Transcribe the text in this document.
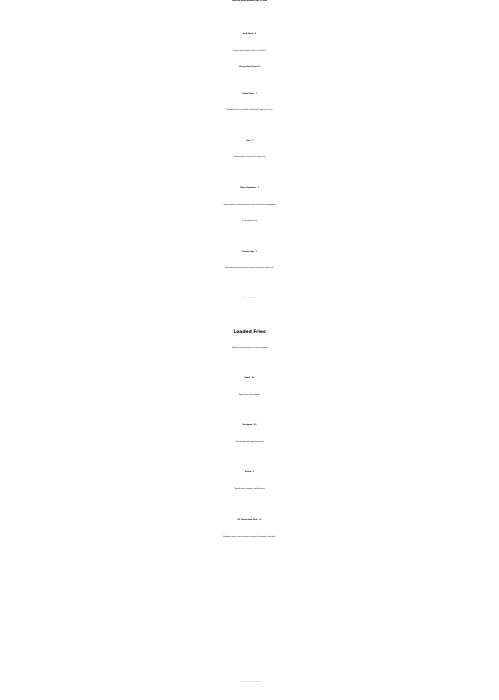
Sides and snacks available from 11.30am
Garlic Bread – 6
Crusty bread with garlic, butter, and herbs (v)
(Cheesy Garlic Bread +2)
Sicilian Olives – 7
Marinated olives served with crusty bread (vegan, gf on req.)
Fries – 7
Shoestring fries, lemon aioli (v, o/g on req)
Winter Vegetables – 7
Steamed greens, Italian dressing, sesame seeds, shaved parmigiano
(v, gf, vegan on req)
Polenta Chips – 9
Broccolini and polenta thick cut chips, house made relish (v, gf)
--- --- ---
Loaded Fries
Zigzag fries loaded with your choice of topping
Napoli – 8.5
Napoli sauce and mozzarella
Parmigiano – 8.5
Fig & balsamic with grated parmesan
Diavola – 9
Chipotle mayo, jalapeños, melted cheese
ISP (Italian Snack Pack) – 15
Bolognese sauce, cherry tomatoes, mozzarella, parmesan, fresh basil
